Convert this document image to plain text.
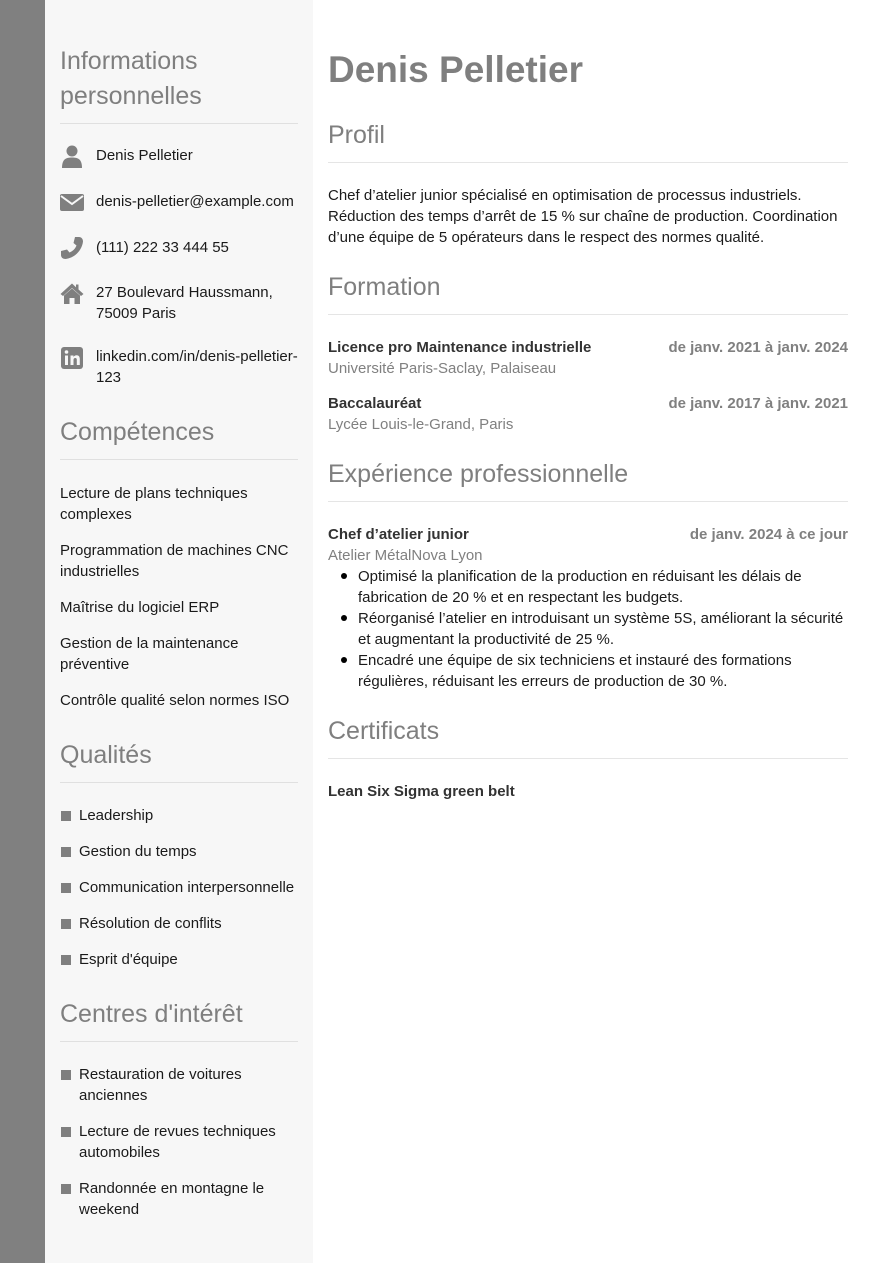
Informations personnelles
Denis Pelletier
denis-pelletier@example.com
(111) 222 33 444 55
27 Boulevard Haussmann, 75009 Paris
linkedin.com/in/denis-pelletier-123
Compétences
Lecture de plans techniques complexes
Programmation de machines CNC industrielles
Maîtrise du logiciel ERP
Gestion de la maintenance préventive
Contrôle qualité selon normes ISO
Qualités
Leadership
Gestion du temps
Communication interpersonnelle
Résolution de conflits
Esprit d'équipe
Centres d'intérêt
Restauration de voitures anciennes
Lecture de revues techniques automobiles
Randonnée en montagne le weekend
Denis Pelletier
Profil

Chef d’atelier junior spécialisé en optimisation de processus industriels. Réduction des temps d’arrêt de 15 % sur chaîne de production. Coordination d’une équipe de 5 opérateurs dans le respect des normes qualité.

Formation
Licence pro Maintenance industrielle	de janv. 2021 à janv. 2024
Université Paris-Saclay, Palaiseau
Baccalauréat	de janv. 2017 à janv. 2021
Lycée Louis-le-Grand, Paris
Expérience professionnelle
Chef d’atelier junior	de janv. 2024 à ce jour
Atelier MétalNova Lyon
Optimisé la planification de la production en réduisant les délais de fabrication de 20 % et en respectant les budgets.
Réorganisé l’atelier en introduisant un système 5S, améliorant la sécurité et augmentant la productivité de 25 %.
Encadré une équipe de six techniciens et instauré des formations régulières, réduisant les erreurs de production de 30 %.
Certificats
Lean Six Sigma green belt
